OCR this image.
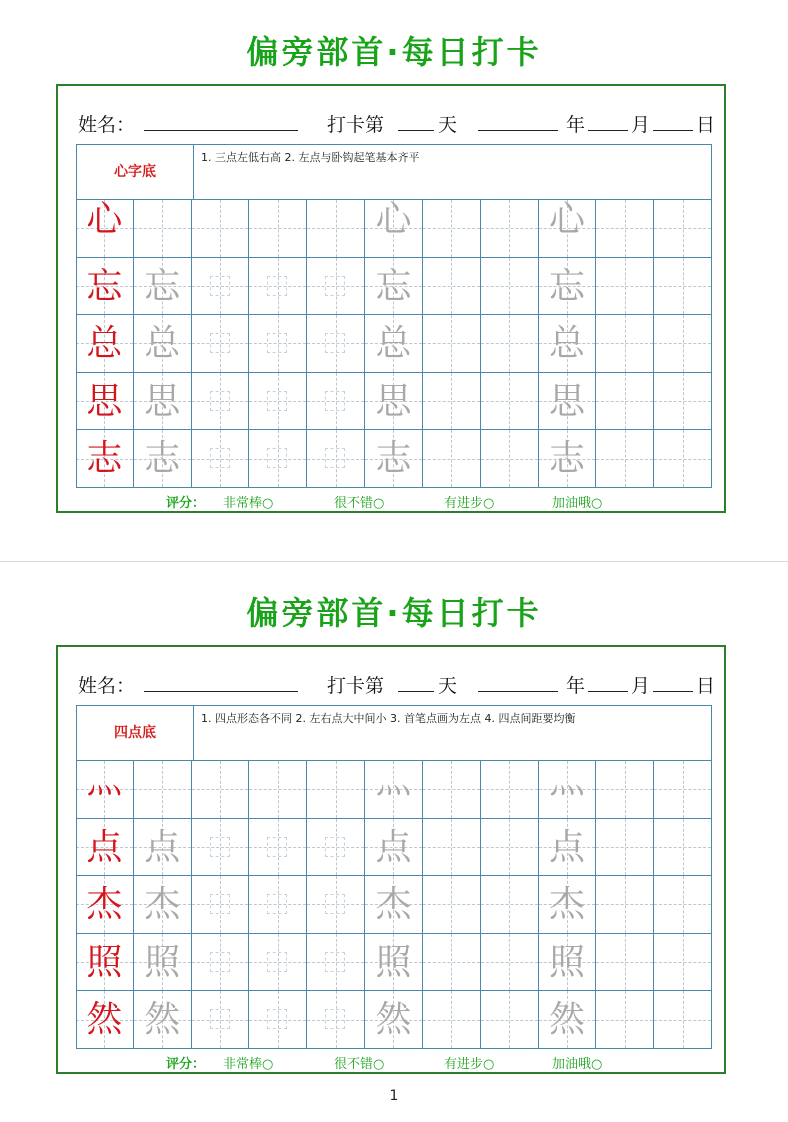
偏旁部首·每日打卡
姓名：	打卡第	天	年 月 日
心字底
1. 三点左低右高 2. 左点与卧钩起笔基本齐平
心	心	心
忘 忘	忘	忘
总 总	总	总
思 思	思	思
志 志	志	志
评分： 非常棒○	很不错○	有进步○	加油哦○
偏旁部首·每日打卡
姓名：	打卡第	天	年 月 日
四点底
1. 四点形态各不同 2. 左右点大中间小 3. 首笔点画为左点 4. 四点间距要均衡
灬	灬	灬
点 点	点	点
杰 杰	杰	杰
照 照	照	照
然 然	然	然
评分： 非常棒○	很不错○	有进步○	加油哦○
1
